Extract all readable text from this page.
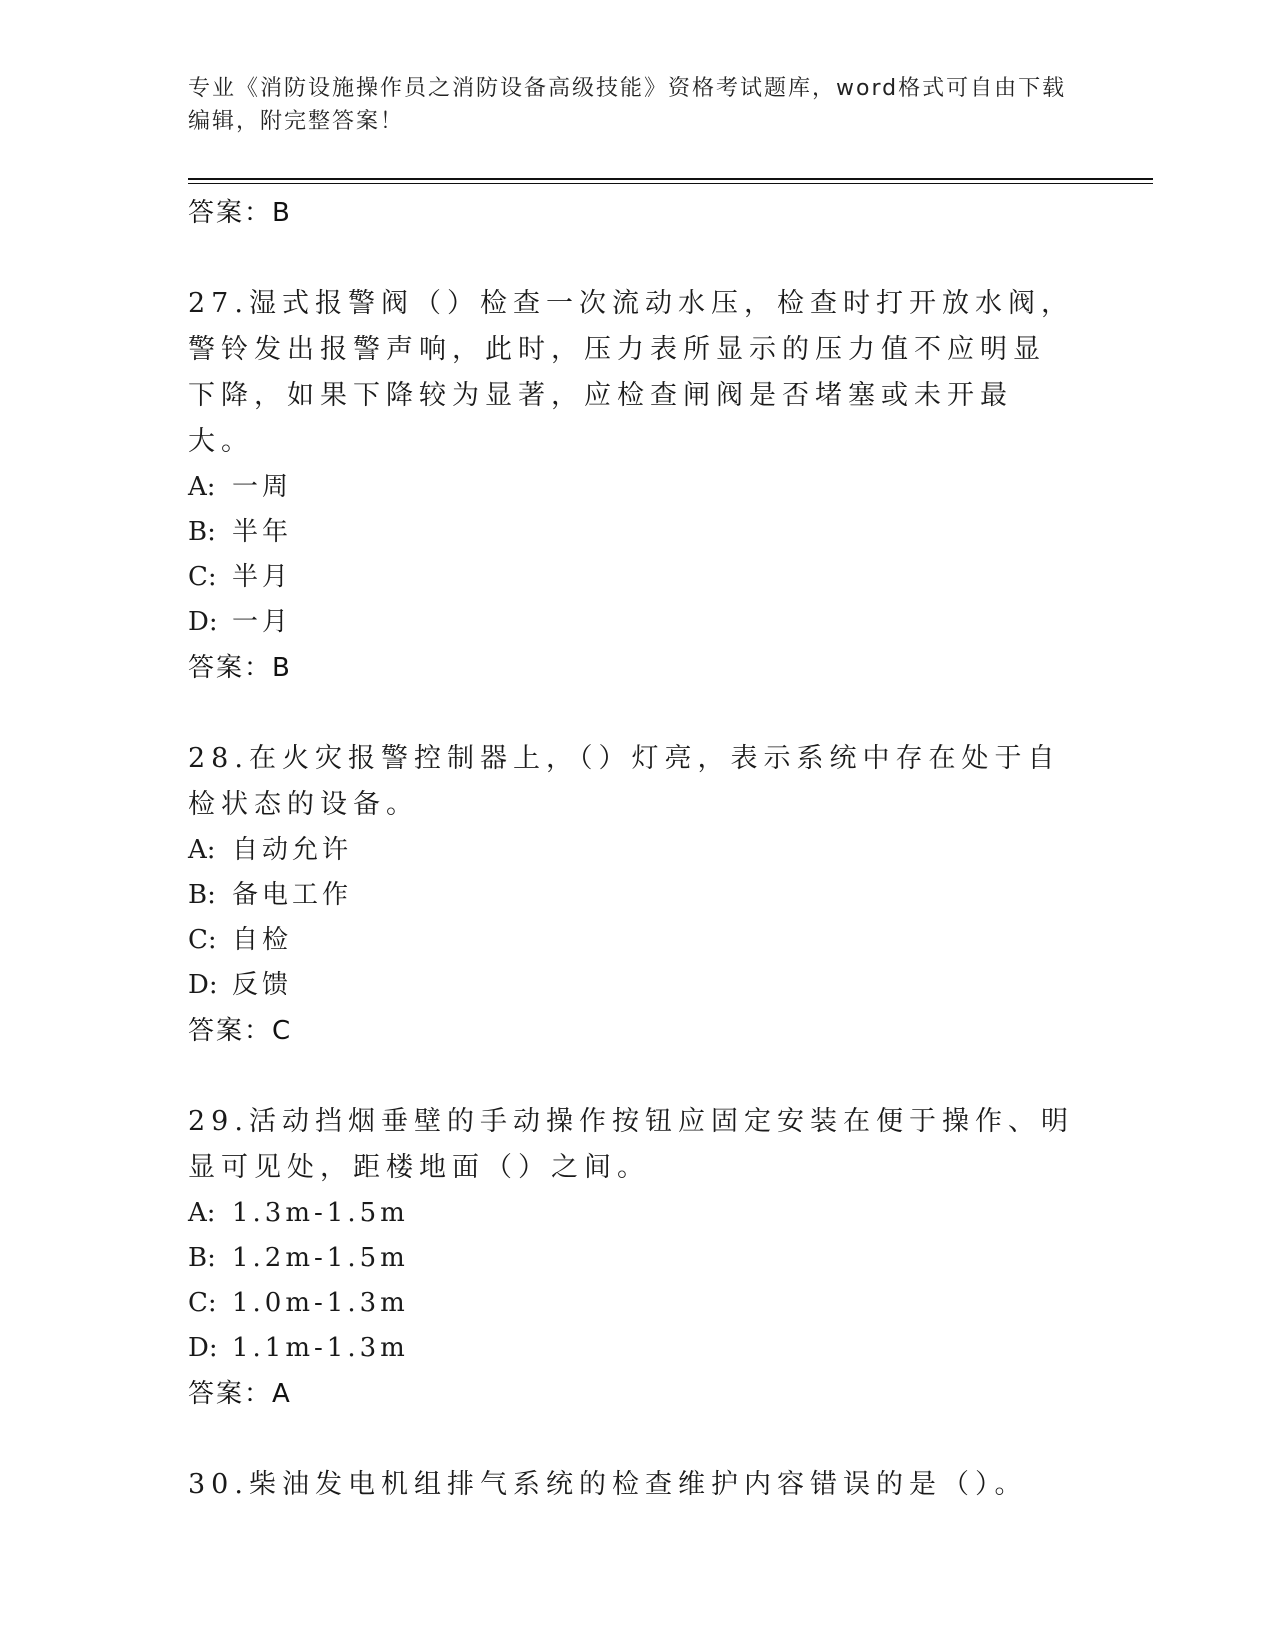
专业《消防设施操作员之消防设备高级技能》资格考试题库，word格式可自由下载编辑，附完整答案！
答案：B
27.湿式报警阀（）检查一次流动水压，检查时打开放水阀，警铃发出报警声响，此时，压力表所显示的压力值不应明显下降，如果下降较为显著，应检查闸阀是否堵塞或未开最大。
A: 一周
B: 半年
C: 半月
D: 一月
答案：B
28.在火灾报警控制器上，（）灯亮，表示系统中存在处于自检状态的设备。
A: 自动允许
B: 备电工作
C: 自检
D: 反馈
答案：C
29.活动挡烟垂壁的手动操作按钮应固定安装在便于操作、明显可见处，距楼地面（）之间。
A: 1.3m-1.5m
B: 1.2m-1.5m
C: 1.0m-1.3m
D: 1.1m-1.3m
答案：A
30.柴油发电机组排气系统的检查维护内容错误的是（）。
